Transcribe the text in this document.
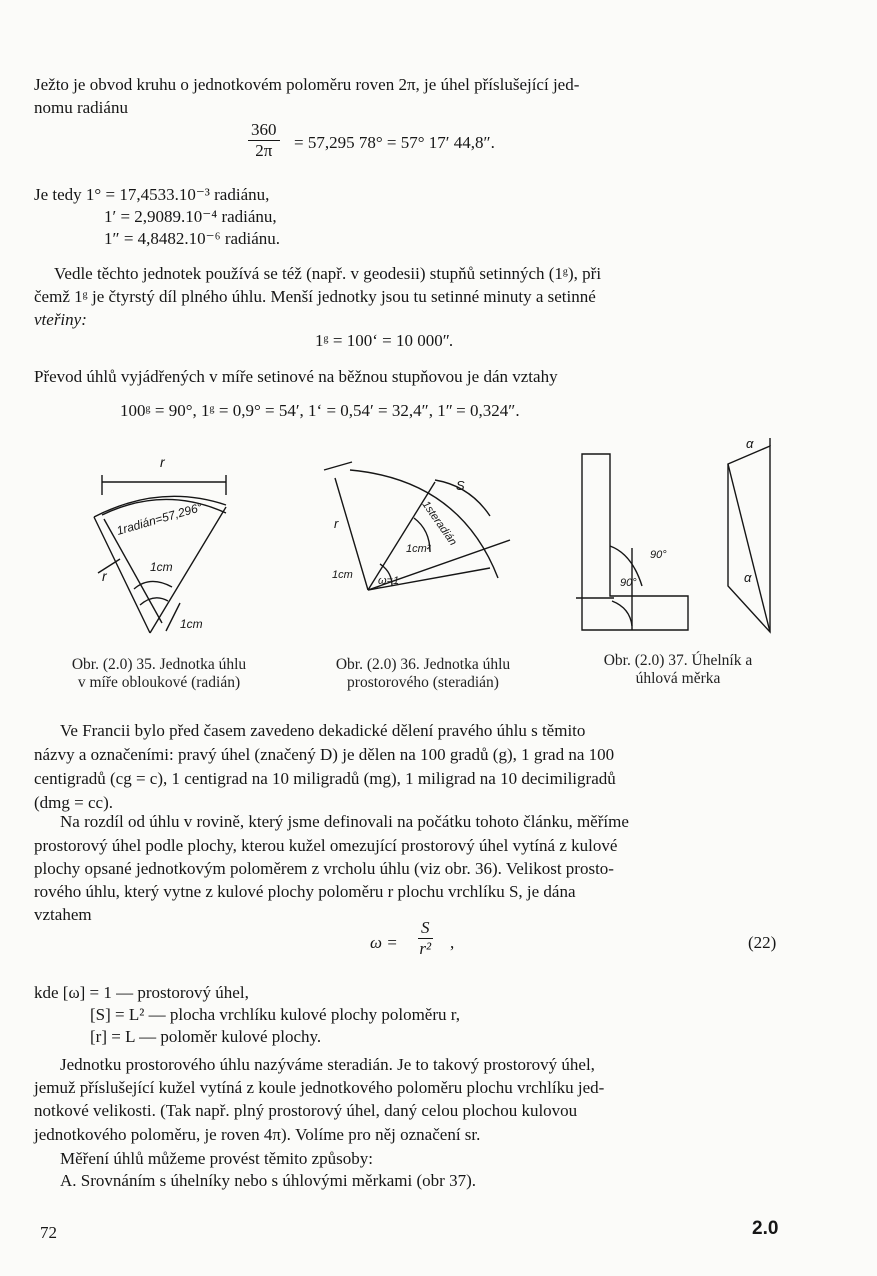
Ježto je obvod kruhu o jednotkovém poloměru roven 2π, je úhel příslušející jed-
nomu radiánu
$\frac{360}{2\pi} = 57,295$ 78° = 57° 17′ 44,8″.
Je tedy 1° = 17,4533.10⁻³ radiánu,
1′ = 2,9089.10⁻⁴ radiánu,
1″ = 4,8482.10⁻⁶ radiánu.
Vedle těchto jednotek používá se též (např. v geodesii) stupňů setinných (1ᵍ), při
čemž 1ᵍ je čtyrstý díl plného úhlu. Menší jednotky jsou tu setinné minuty a setinné
vteřiny:
1ᵍ = 100ʻ = 10 000ʺ.
Převod úhlů vyjádřených v míře setinové na běžnou stupňovou je dán vztahy
100ᵍ = 90°, 1ᵍ = 0,9° = 54′, 1ʻ = 0,54′ = 32,4″, 1ʺ = 0,324″.
r
r
1radián=57,296°
1cm
1cm
Obr. (2.0) 35. Jednotka úhlu
v míře obloukové (radián)
r
S
1steradián
1cm²
1cm ω=1
Obr. (2.0) 36. Jednotka úhlu
prostorového (steradián)
α
α
90°
90°
Obr. (2.0) 37. Úhelník a
úhlová měrka
Ve Francii bylo před časem zavedeno dekadické dělení pravého úhlu s těmito
názvy a označeními: pravý úhel (značený D) je dělen na 100 gradů (g), 1 grad na 100
centigradů (cg = c), 1 centigrad na 10 miligradů (mg), 1 miligrad na 10 decimiligradů
(dmg = cc).
Na rozdíl od úhlu v rovině, který jsme definovali na počátku tohoto článku, měříme
prostorový úhel podle plochy, kterou kužel omezující prostorový úhel vytíná z kulové
plochy opsané jednotkovým poloměrem z vrcholu úhlu (viz obr. 36). Velikost prosto-
rového úhlu, který vytne z kulové plochy poloměru r plochu vrchlíku S, je dána
vztahem
$\omega = \frac{S}{\text{r²}}$ ,	(22)
kde [ω] = 1 — prostorový úhel,
[S] = L² — plocha vrchlíku kulové plochy poloměru r,
[r] = L — poloměr kulové plochy.
Jednotku prostorového úhlu nazýváme steradián. Je to takový prostorový úhel,
jemuž příslušející kužel vytíná z koule jednotkového poloměru plochu vrchlíku jed-
notkové velikosti. (Tak např. plný prostorový úhel, daný celou plochou kulovou
jednotkového poloměru, je roven 4π). Volíme pro něj označení sr.
Měření úhlů můžeme provést těmito způsoby:
A. Srovnáním s úhelníky nebo s úhlovými měrkami (obr 37).
72	2.0
